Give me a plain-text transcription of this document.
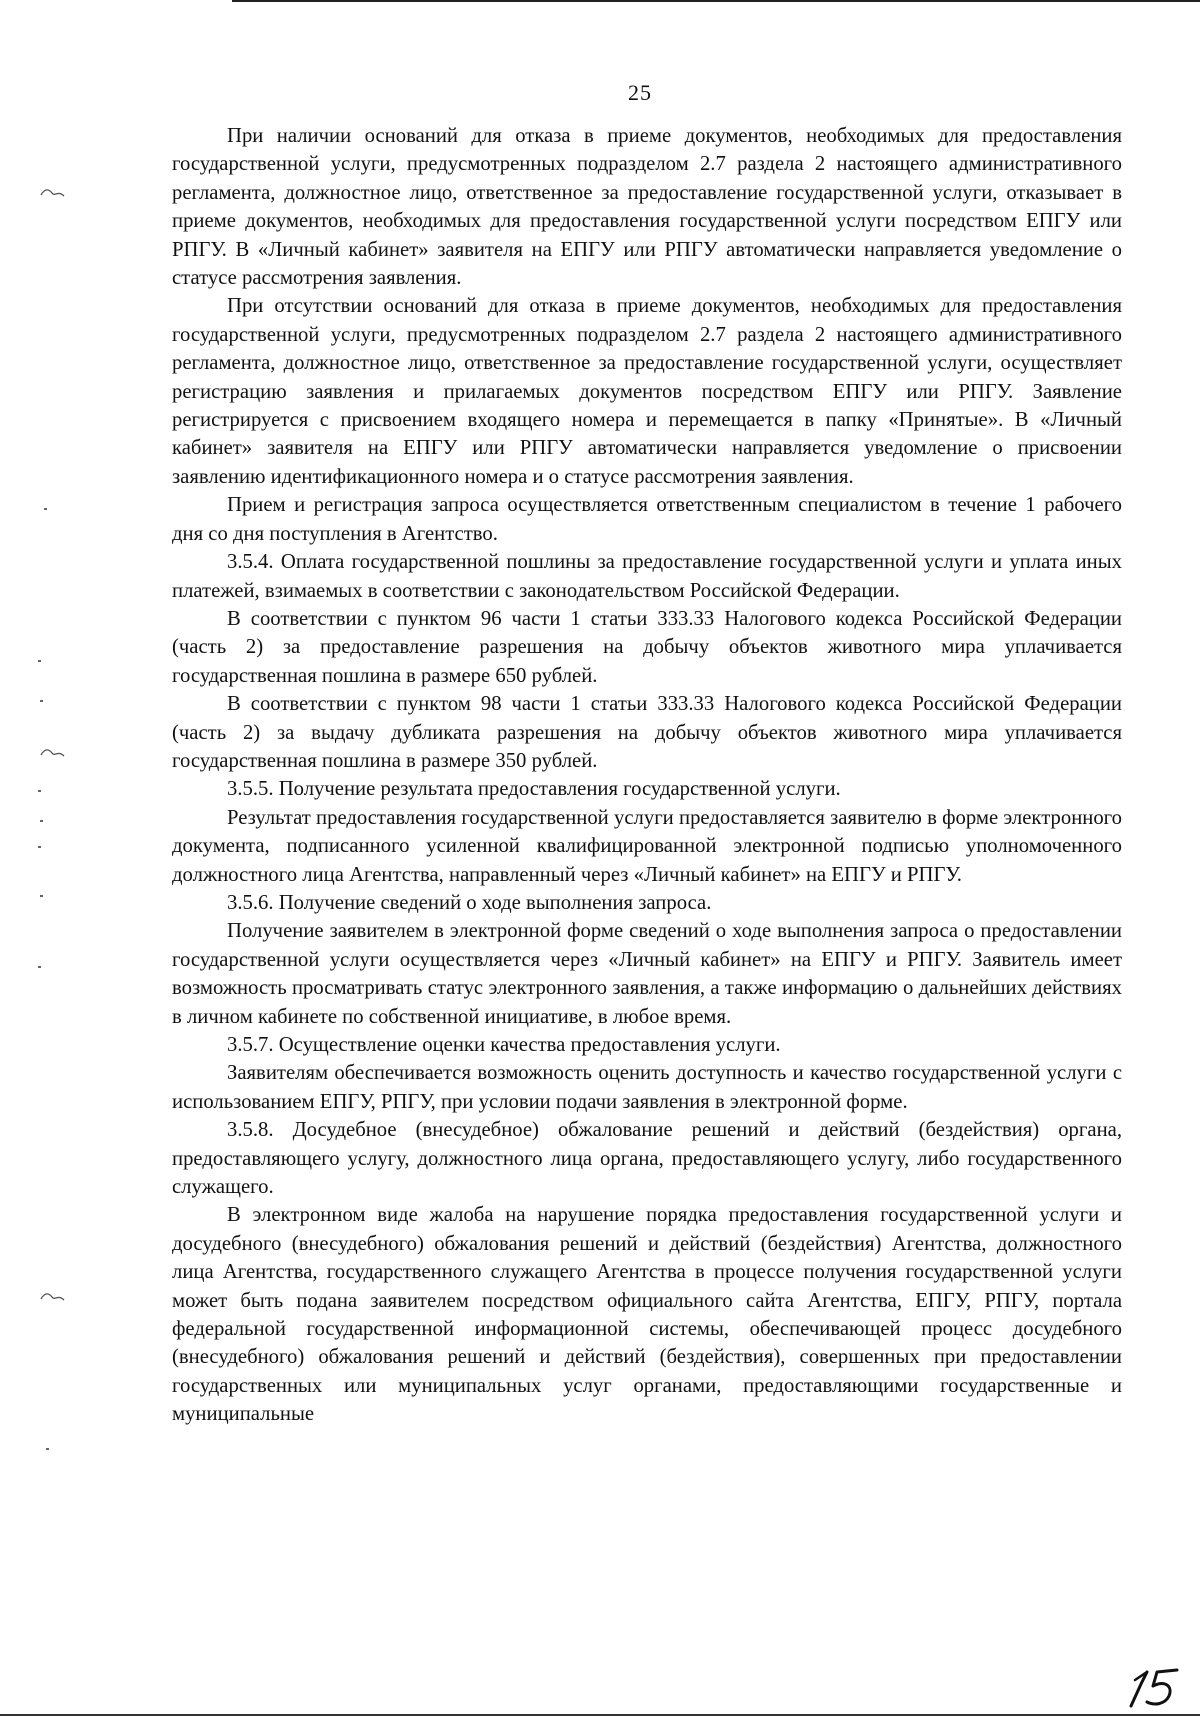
25

При наличии оснований для отказа в приеме документов, необходимых для предоставления государственной услуги, предусмотренных подразделом 2.7 раздела 2 настоящего административного регламента, должностное лицо, ответственное за предоставление государственной услуги, отказывает в приеме документов, необходимых для предоставления государственной услуги посредством ЕПГУ или РПГУ. В «Личный кабинет» заявителя на ЕПГУ или РПГУ автоматически направляется уведомление о статусе рассмотрения заявления.

При отсутствии оснований для отказа в приеме документов, необходимых для предоставления государственной услуги, предусмотренных подразделом 2.7 раздела 2 настоящего административного регламента, должностное лицо, ответственное за предоставление государственной услуги, осуществляет регистрацию заявления и прилагаемых документов посредством ЕПГУ или РПГУ. Заявление регистрируется с присвоением входящего номера и перемещается в папку «Принятые». В «Личный кабинет» заявителя на ЕПГУ или РПГУ автоматически направляется уведомление о присвоении заявлению идентификационного номера и о статусе рассмотрения заявления.

Прием и регистрация запроса осуществляется ответственным специалистом в течение 1 рабочего дня со дня поступления в Агентство.

3.5.4. Оплата государственной пошлины за предоставление государственной услуги и уплата иных платежей, взимаемых в соответствии с законодательством Российской Федерации.

В соответствии с пунктом 96 части 1 статьи 333.33 Налогового кодекса Российской Федерации (часть 2) за предоставление разрешения на добычу объектов животного мира уплачивается государственная пошлина в размере 650 рублей.

В соответствии с пунктом 98 части 1 статьи 333.33 Налогового кодекса Российской Федерации (часть 2) за выдачу дубликата разрешения на добычу объектов животного мира уплачивается государственная пошлина в размере 350 рублей.

3.5.5. Получение результата предоставления государственной услуги.

Результат предоставления государственной услуги предоставляется заявителю в форме электронного документа, подписанного усиленной квалифицированной электронной подписью уполномоченного должностного лица Агентства, направленный через «Личный кабинет» на ЕПГУ и РПГУ.

3.5.6. Получение сведений о ходе выполнения запроса.

Получение заявителем в электронной форме сведений о ходе выполнения запроса о предоставлении государственной услуги осуществляется через «Личный кабинет» на ЕПГУ и РПГУ. Заявитель имеет возможность просматривать статус электронного заявления, а также информацию о дальнейших действиях в личном кабинете по собственной инициативе, в любое время.

3.5.7. Осуществление оценки качества предоставления услуги.

Заявителям обеспечивается возможность оценить доступность и качество государственной услуги с использованием ЕПГУ, РПГУ, при условии подачи заявления в электронной форме.

3.5.8. Досудебное (внесудебное) обжалование решений и действий (бездействия) органа, предоставляющего услугу, должностного лица органа, предоставляющего услугу, либо государственного служащего.

В электронном виде жалоба на нарушение порядка предоставления государственной услуги и досудебного (внесудебного) обжалования решений и действий (бездействия) Агентства, должностного лица Агентства, государственного служащего Агентства в процессе получения государственной услуги может быть подана заявителем посредством официального сайта Агентства, ЕПГУ, РПГУ, портала федеральной государственной информационной системы, обеспечивающей процесс досудебного (внесудебного) обжалования решений и действий (бездействия), совершенных при предоставлении государственных или муниципальных услуг органами, предоставляющими государственные и муниципальные
